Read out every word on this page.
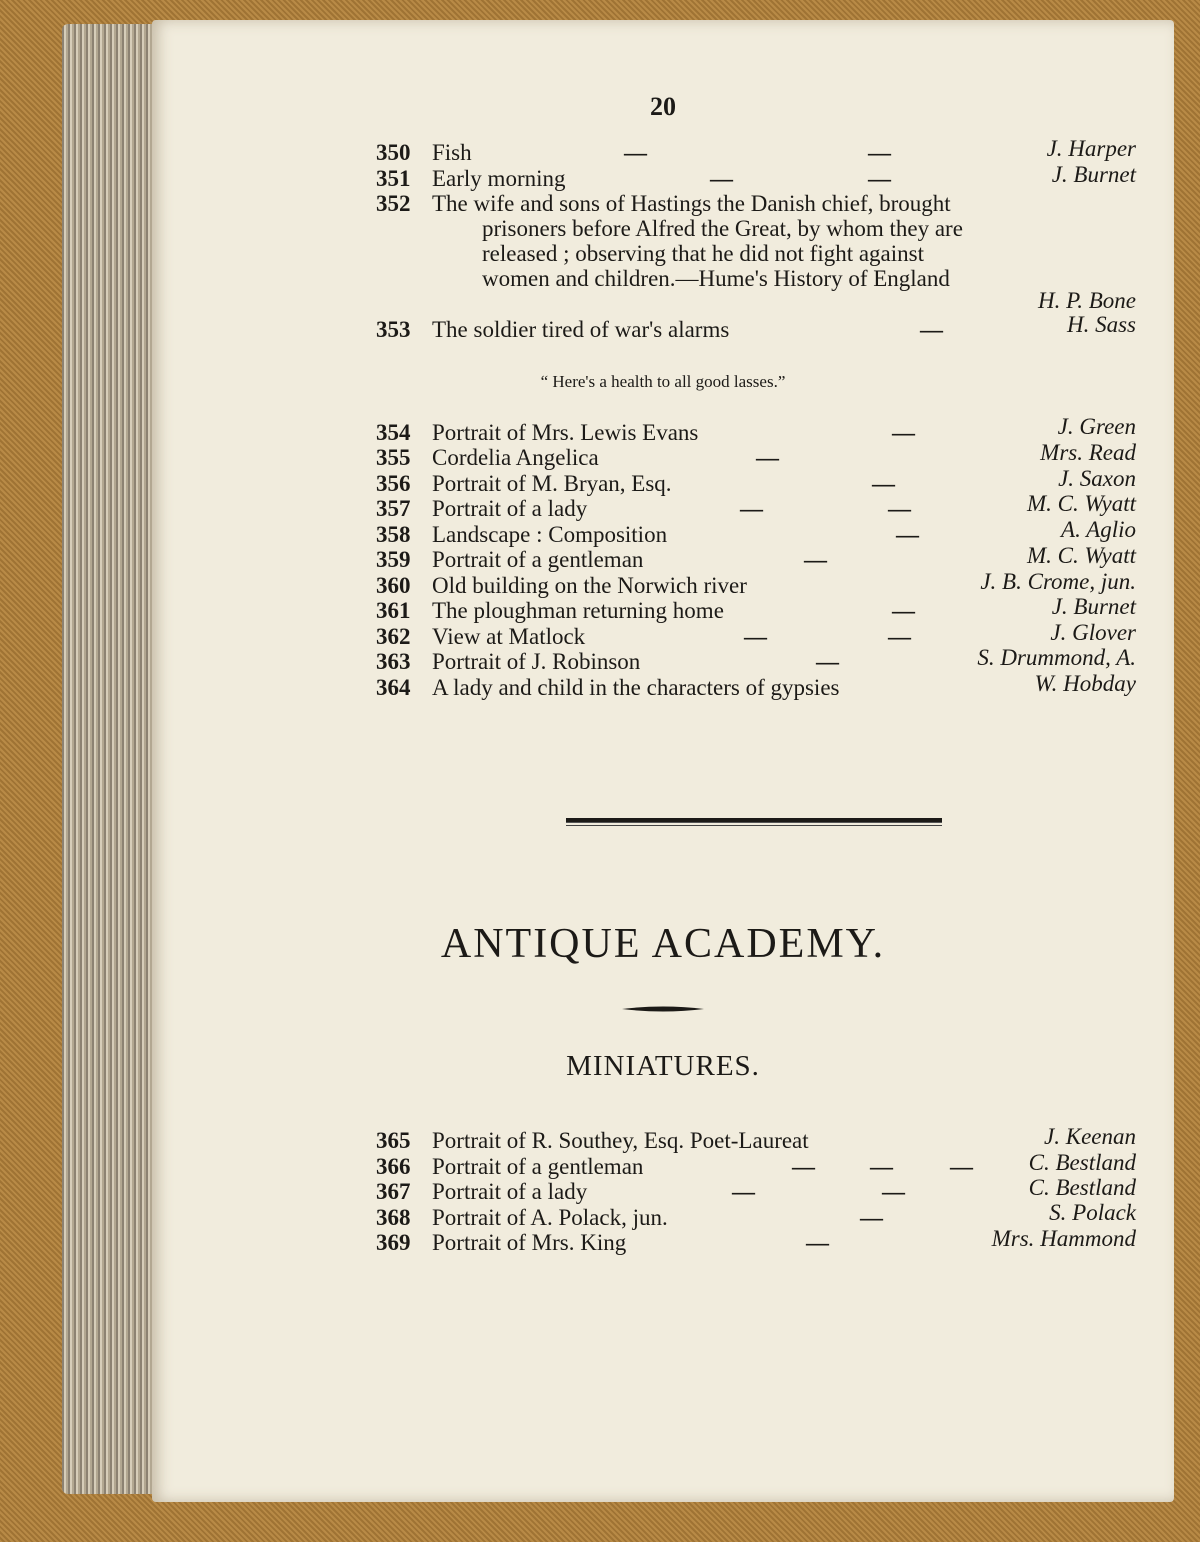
20
350 Fish	—	—	J. Harper
351 Early morning	—	—	J. Burnet
352 The wife and sons of Hastings the Danish chief, brought
prisoners before Alfred the Great, by whom they are
released ; observing that he did not fight against
women and children.—Hume's History of England
H. P. Bone
353 The soldier tired of war's alarms	—	H. Sass
“ Here's a health to all good lasses.”
354 Portrait of Mrs. Lewis Evans	—	J. Green
355 Cordelia Angelica	—	Mrs. Read
356 Portrait of M. Bryan, Esq.	—	J. Saxon
357 Portrait of a lady	—	—	M. C. Wyatt
358 Landscape : Composition	—	A. Aglio
359 Portrait of a gentleman	—	M. C. Wyatt
360 Old building on the Norwich river	J. B. Crome, jun.
361 The ploughman returning home	—	J. Burnet
362 View at Matlock	—	—	J. Glover
363 Portrait of J. Robinson	—	S. Drummond, A.
364 A lady and child in the characters of gypsies	W. Hobday
ANTIQUE ACADEMY.
MINIATURES.
365 Portrait of R. Southey, Esq. Poet-Laureat	J. Keenan
366 Portrait of a gentleman	— — — C. Bestland
367 Portrait of a lady	—	—	C. Bestland
368 Portrait of A. Polack, jun.	—	S. Polack
369 Portrait of Mrs. King	—	Mrs. Hammond
